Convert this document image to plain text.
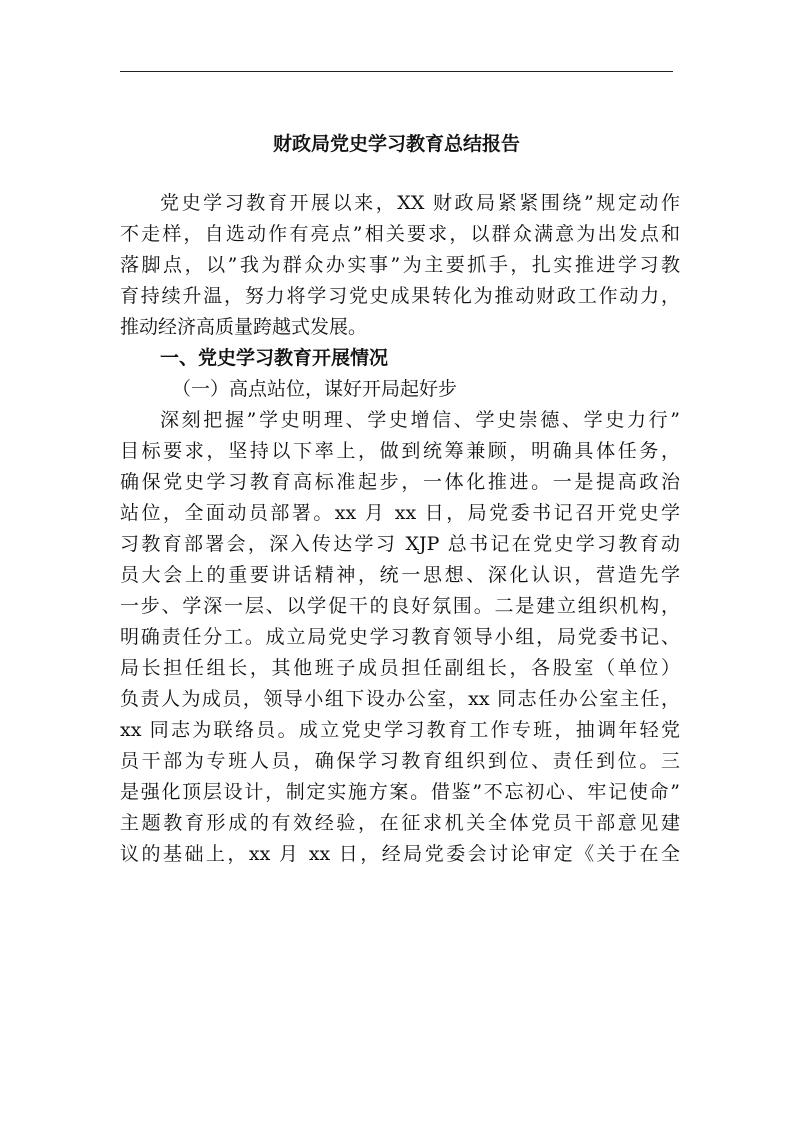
财政局党史学习教育总结报告
党史学习教育开展以来，XX 财政局紧紧围绕”规定动作
不走样，自选动作有亮点”相关要求，以群众满意为出发点和
落脚点，以”我为群众办实事”为主要抓手，扎实推进学习教
育持续升温，努力将学习党史成果转化为推动财政工作动力，
推动经济高质量跨越式发展。
一、党史学习教育开展情况
（一）高点站位，谋好开局起好步
深刻把握”学史明理、学史增信、学史崇德、学史力行”
目标要求，坚持以下率上，做到统筹兼顾，明确具体任务，
确保党史学习教育高标准起步，一体化推进。一是提高政治
站位，全面动员部署。xx 月 xx 日，局党委书记召开党史学
习教育部署会，深入传达学习 XJP 总书记在党史学习教育动
员大会上的重要讲话精神，统一思想、深化认识，营造先学
一步、学深一层、以学促干的良好氛围。二是建立组织机构，
明确责任分工。成立局党史学习教育领导小组，局党委书记、
局长担任组长，其他班子成员担任副组长，各股室（单位）
负责人为成员，领导小组下设办公室，xx 同志任办公室主任，
xx 同志为联络员。成立党史学习教育工作专班，抽调年轻党
员干部为专班人员，确保学习教育组织到位、责任到位。三
是强化顶层设计，制定实施方案。借鉴”不忘初心、牢记使命”
主题教育形成的有效经验，在征求机关全体党员干部意见建
议的基础上，xx 月 xx 日，经局党委会讨论审定《关于在全
